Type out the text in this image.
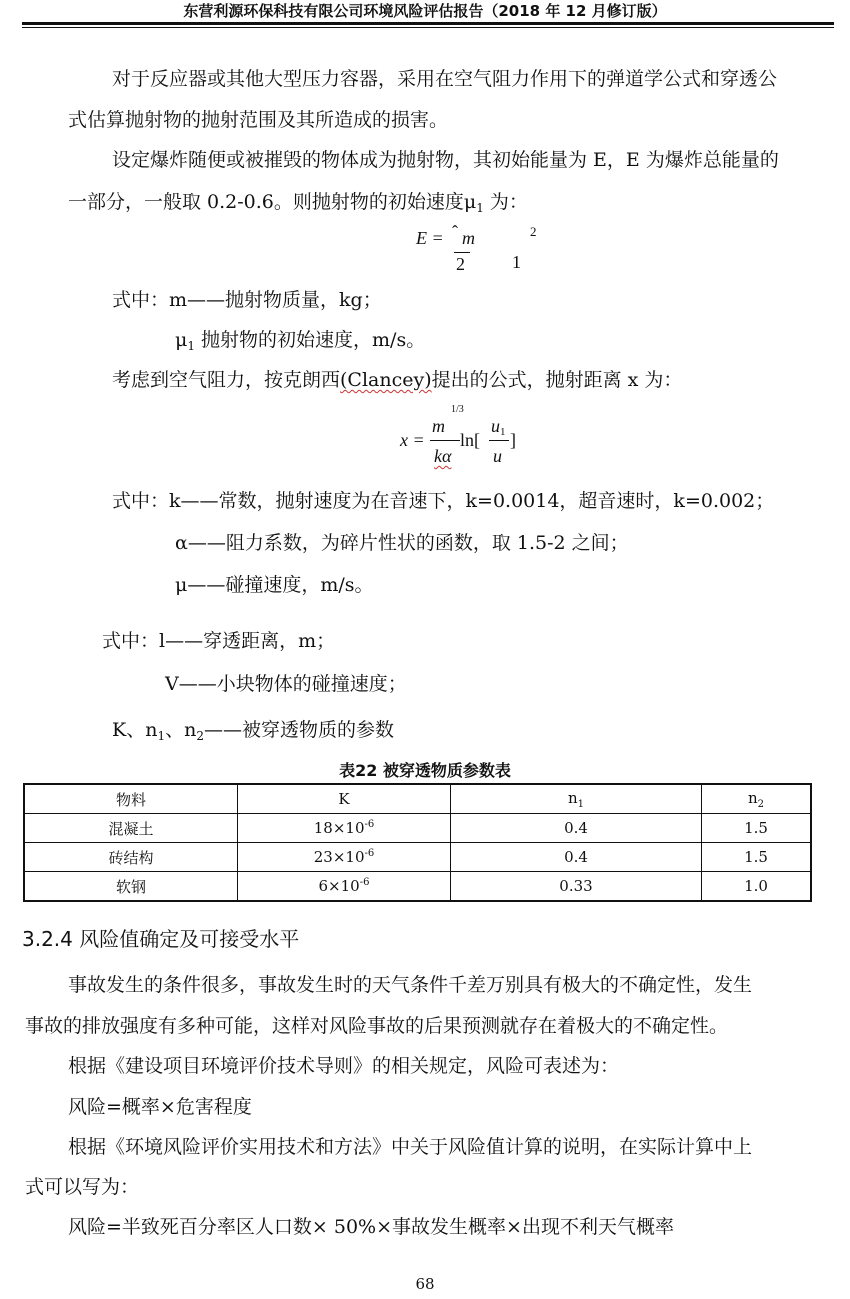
东营利源环保科技有限公司环境风险评估报告（2018 年 12 月修订版）
对于反应器或其他大型压力容器，采用在空气阻力作用下的弹道学公式和穿透公
式估算抛射物的抛射范围及其所造成的损害。
设定爆炸随便或被摧毁的物体成为抛射物，其初始能量为 E，E 为爆炸总能量的
一部分，一般取 0.2-0.6。则抛射物的初始速度$\mu_1$ 为：
E = ˆ m
2
2
1
式中：m——抛射物质量，kg；
$\mu_1$ 抛射物的初始速度，m/s。
考虑到空气阻力，按克朗西(Clancey)提出的公式，抛射距离 x 为：
x =
1/3
m
kα
ln[
u1
u
]
式中：k——常数，抛射速度为在音速下，k=0.0014，超音速时，k=0.002；
α——阻力系数，为碎片性状的函数，取 1.5-2 之间；
μ——碰撞速度，m/s。
式中：l——穿透距离，m；
V——小块物体的碰撞速度；
K、$n_1$、$n_2——$被穿透物质的参数
表22 被穿透物质参数表
物料	K	$n_1$	$n_2$
混凝土	$18\times 10^{-6}$	0.4	1.5
砖结构	$23\times 10^{-6}$	0.4	1.5
软钢	$6\times 10^{-6}$	0.33	1.0
3.2.4 风险值确定及可接受水平
事故发生的条件很多，事故发生时的天气条件千差万别具有极大的不确定性，发生
事故的排放强度有多种可能，这样对风险事故的后果预测就存在着极大的不确定性。
根据《建设项目环境评价技术导则》的相关规定，风险可表述为：
风险=概率×危害程度
根据《环境风险评价实用技术和方法》中关于风险值计算的说明，在实际计算中上
式可以写为：
风险=半致死百分率区人口数× 50%×事故发生概率×出现不利天气概率
68
